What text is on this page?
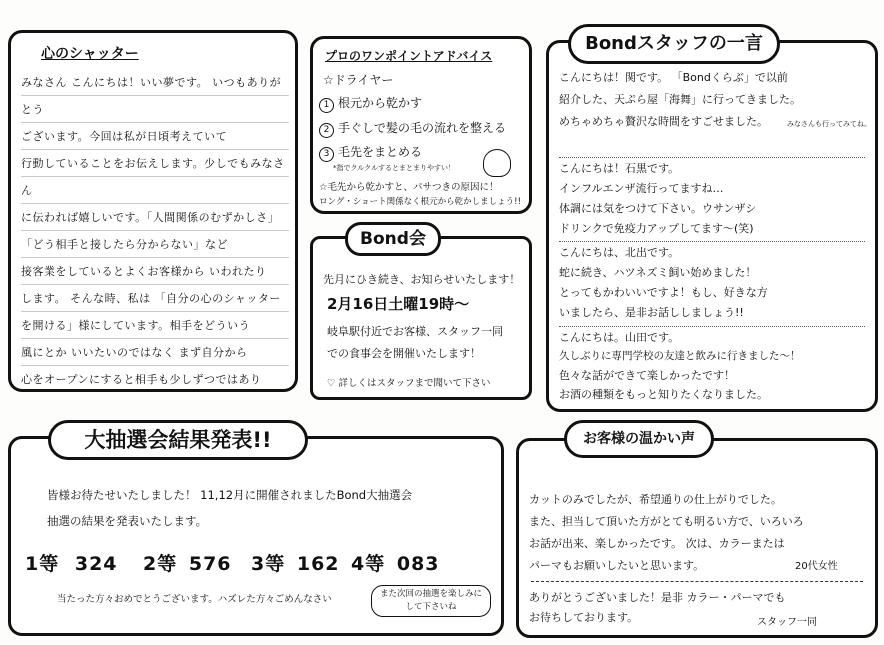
心のシャッター
みなさん こんにちは！いい夢です。 いつもありがとう
ございます。今回は私が日頃考えていて
行動していることをお伝えします。少しでもみなさん
に伝われば嬉しいです。「人間関係のむずかしさ」
「どう相手と接したら分からない」など
接客業をしているとよくお客様から いわれたり
します。 そんな時、私は 「自分の心のシャッター
を開ける」様にしています。相手をどういう
風にとか いいたいのではなく まず自分から
心をオープンにすると相手も少しずつではあり

プロのワンポイントアドバイス
☆ドライヤー
1 根元から乾かす
2 手ぐしで髪の毛の流れを整える
3 毛先をまとめる
*指でクルクルするとまとまりやすい！
☆毛先から乾かすと、パサつきの原因に！
ロング・ショート関係なく根元から乾かしましょう!!
先月にひき続き、お知らせいたします！
2月16日土曜19時～
岐阜駅付近でお客様、スタッフ一同
での食事会を開催いたします！
♡ 詳しくはスタッフまで聞いて下さい
Bond会
こんにちは！関です。 「Bondくらぶ」で以前
紹介した、天ぷら屋「海舞」に行ってきました。
めちゃめちゃ贅沢な時間をすごせました。	みなさんも行ってみてね。
こんにちは！石黒です。
インフルエンザ流行ってますね…
体調には気をつけて下さい。ウサンザシ
ドリンクで免疫力アップしてます～(笑)
こんにちは、北出です。
蛇に続き、ハツネズミ飼い始めました！
とってもかわいいですよ！もし、好きな方
いましたら、是非お話ししましょう!!
こんにちは。山田です。
久しぶりに専門学校の友達と飲みに行きました～！
色々な話ができて楽しかったです！
お酒の種類をもっと知りたくなりました。
Bondスタッフの一言
皆様お待たせいたしました！ 11,12月に開催されましたBond大抽選会
抽選の結果を発表いたします。
1等 324 2等 576 3等 162 4等 083
当たった方々おめでとうございます。ハズレた方々ごめんなさい	また次回の抽選を楽しみにして下さいね
大抽選会結果発表!!
カットのみでしたが、希望通りの仕上がりでした。
また、担当して頂いた方がとても明るい方で、いろいろ
お話が出来、楽しかったです。 次は、カラーまたは
パーマもお願いしたいと思います。	20代女性
ありがとうございました！是非 カラー・パーマでも
お待ちしております。	スタッフ一同
お客様の温かい声
